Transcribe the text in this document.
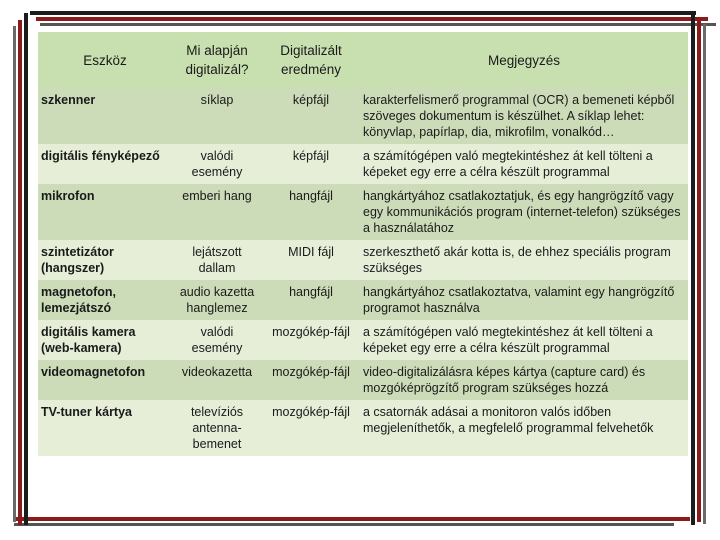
Eszköz	Mi alapján digitalizál?	Digitalizált eredmény	Megjegyzés
szkenner	síklap	képfájl	karakterfelismerő programmal (OCR) a bemeneti képből szöveges dokumentum is készülhet. A síklap lehet: könyvlap, papírlap, dia, mikrofilm, vonalkód…
digitális fényképező	valódi esemény	képfájl	a számítógépen való megtekintéshez át kell tölteni a képeket egy erre a célra készült programmal
mikrofon	emberi hang	hangfájl	hangkártyához csatlakoztatjuk, és egy hangrögzítő vagy egy kommunikációs program (internet-telefon) szükséges a használatához
szintetizátor (hangszer)	lejátszott dallam	MIDI fájl	szerkeszthető akár kotta is, de ehhez speciális program szükséges
magnetofon, lemezjátszó	audio kazetta hanglemez	hangfájl	hangkártyához csatlakoztatva, valamint egy hangrögzítő programot használva
digitális kamera (web-kamera)	valódi esemény	mozgókép-fájl	a számítógépen való megtekintéshez át kell tölteni a képeket egy erre a célra készült programmal
videomagnetofon	videokazetta	mozgókép-fájl	video-digitalizálásra képes kártya (capture card) és mozgóképrögzítő program szükséges hozzá
TV-tuner kártya	televíziós antenna-bemenet	mozgókép-fájl	a csatornák adásai a monitoron valós időben megjeleníthetők, a megfelelő programmal felvehetők
